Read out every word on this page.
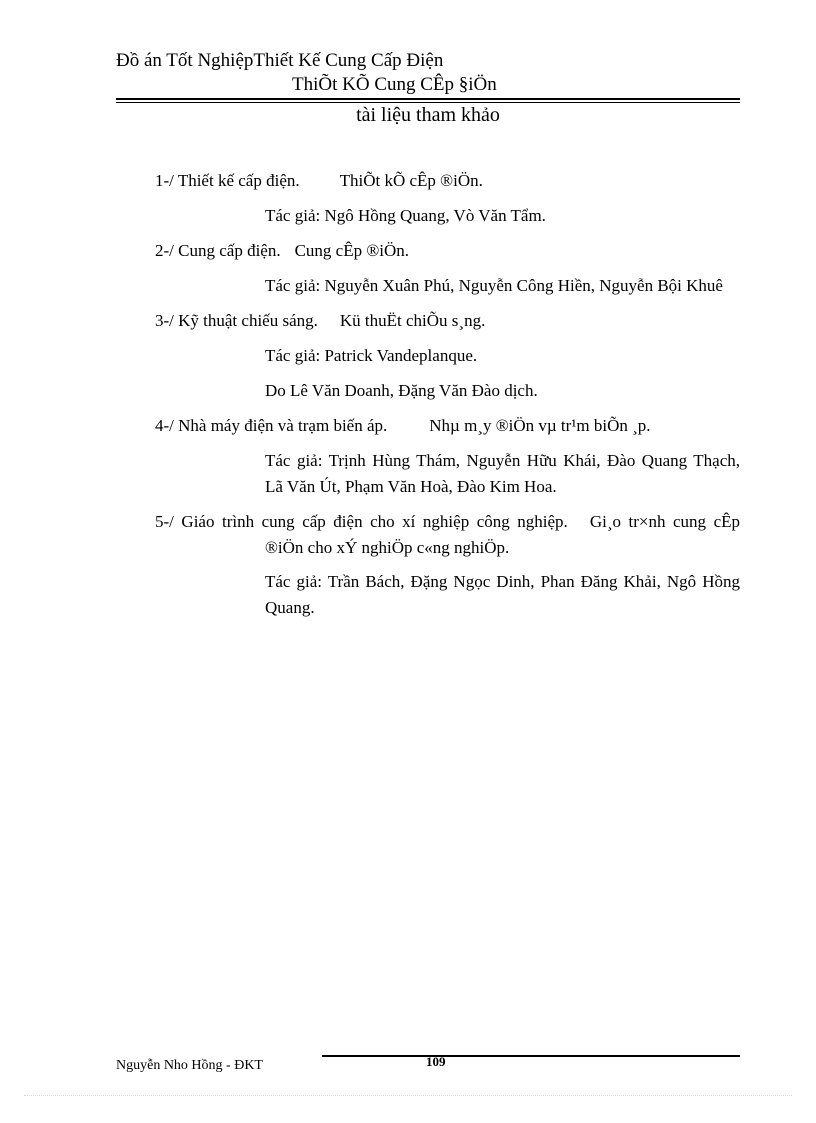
Đồ án Tốt NghiệpThiết Kế Cung Cấp Điện
ThiÕt KÕ Cung CÊp §iÖn
tài liệu tham khảo
1-/ Thiết kế cấp điện. ThiÕt kÕ cÊp ®iÖn.
Tác giả: Ngô Hồng Quang, Vò Văn Tẩm.
2-/ Cung cấp điện. Cung cÊp ®iÖn.
Tác giả: Nguyễn Xuân Phú, Nguyễn Công Hiền, Nguyễn Bội Khuê
3-/ Kỹ thuật chiếu sáng. Kü thuËt chiÕu s¸ng.
Tác giả: Patrick Vandeplanque.
Do Lê Văn Doanh, Đặng Văn Đào dịch.
4-/ Nhà máy điện và trạm biến áp. Nhµ m¸y ®iÖn vµ tr¹m biÕn ¸p.
Tác giả: Trịnh Hùng Thám, Nguyễn Hữu Khái, Đào Quang Thạch, Lã Văn Út, Phạm Văn Hoà, Đào Kim Hoa.
5-/ Giáo trình cung cấp điện cho xí nghiệp công nghiệp. Gi¸o tr×nh cung cÊp ®iÖn cho xÝ nghiÖp c«ng nghiÖp.
Tác giả: Trần Bách, Đặng Ngọc Dinh, Phan Đăng Khải, Ngô Hồng Quang.
Nguyễn Nho Hồng - ĐKT	109
